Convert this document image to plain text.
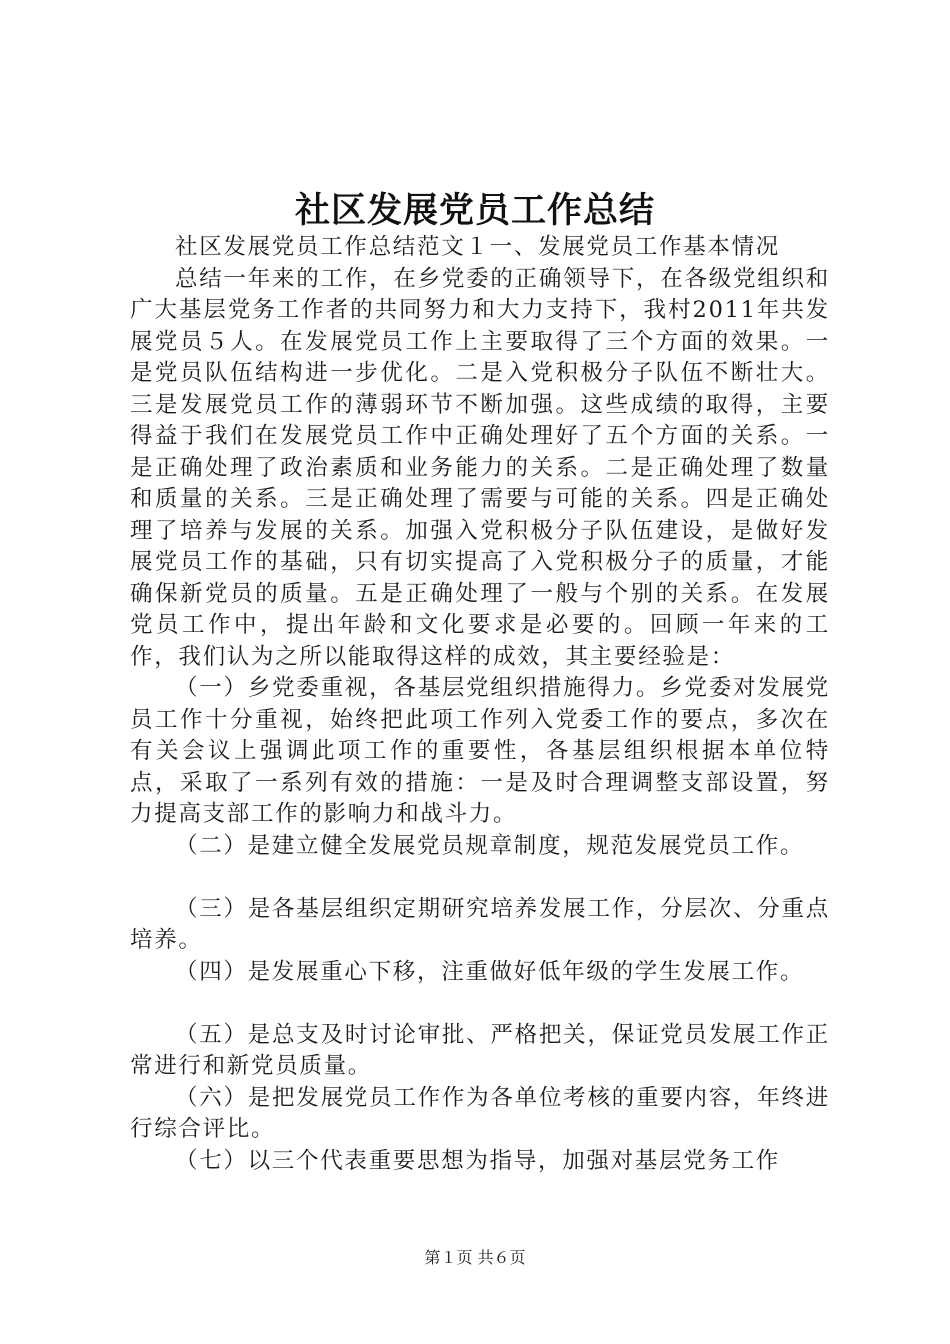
社区发展党员工作总结

社区发展党员工作总结范文１一、发展党员工作基本情况

总结一年来的工作，在乡党委的正确领导下，在各级党组织和广大基层党务工作者的共同努力和大力支持下，我村2011年共发展党员５人。在发展党员工作上主要取得了三个方面的效果。一是党员队伍结构进一步优化。二是入党积极分子队伍不断壮大。三是发展党员工作的薄弱环节不断加强。这些成绩的取得，主要得益于我们在发展党员工作中正确处理好了五个方面的关系。一是正确处理了政治素质和业务能力的关系。二是正确处理了数量和质量的关系。三是正确处理了需要与可能的关系。四是正确处理了培养与发展的关系。加强入党积极分子队伍建设，是做好发展党员工作的基础，只有切实提高了入党积极分子的质量，才能确保新党员的质量。五是正确处理了一般与个别的关系。在发展党员工作中，提出年龄和文化要求是必要的。回顾一年来的工作，我们认为之所以能取得这样的成效，其主要经验是：

（一）乡党委重视，各基层党组织措施得力。乡党委对发展党员工作十分重视，始终把此项工作列入党委工作的要点，多次在有关会议上强调此项工作的重要性，各基层组织根据本单位特点，采取了一系列有效的措施：一是及时合理调整支部设置，努力提高支部工作的影响力和战斗力。

（二）是建立健全发展党员规章制度，规范发展党员工作。

（三）是各基层组织定期研究培养发展工作，分层次、分重点培养。

（四）是发展重心下移，注重做好低年级的学生发展工作。

（五）是总支及时讨论审批、严格把关，保证党员发展工作正常进行和新党员质量。

（六）是把发展党员工作作为各单位考核的重要内容，年终进行综合评比。

（七）以三个代表重要思想为指导，加强对基层党务工作

第１页 共６页
